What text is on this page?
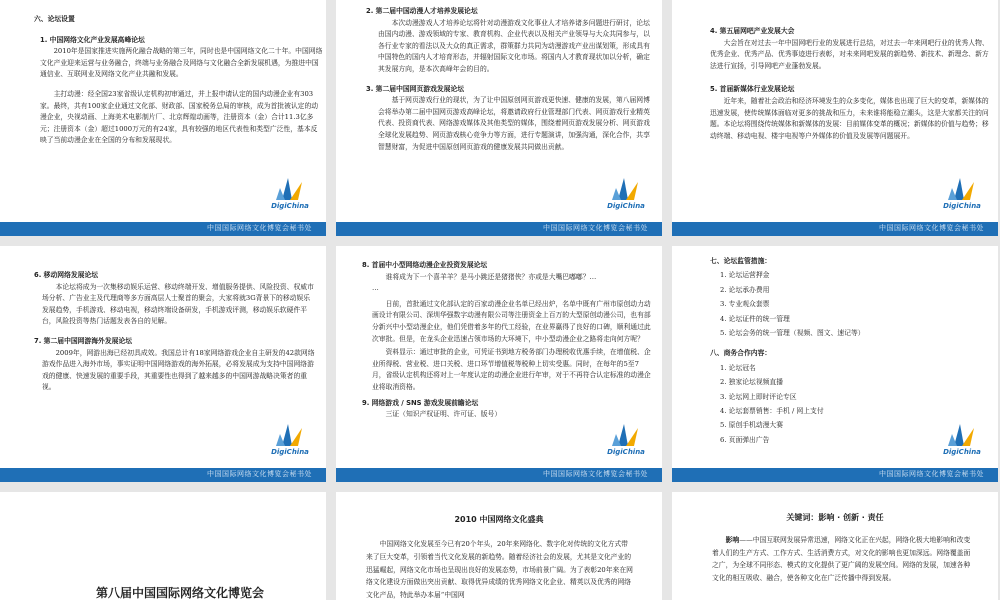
六、论坛设置
1. 中国网络文化产业发展高峰论坛

2010年是国家推进实施两化融合战略的第三年，同时也是中国网络文化二十年。中国网络文化产业迎来运营与业务融合，终端与业务融合及网络与文化融合全新发展机遇，为推进中国通信业、互联网业及网络文化产业共融和发展。

主打动漫：经全国23家省级认定机构初审通过，并上报申请认定的国内动漫企业有303家。最终，共有100家企业通过文化部、财政部、国家税务总局的审核，成为首批被认定的动漫企业，央视动画、上海美术电影制片厂、北京辉煌动画等，注册资本（金）合计11.3亿多元；注册资本（金）超过1000万元的有24家，具有较强的地区代表性和类型广泛性，基本反映了当前动漫企业在全国的分布和发展现状。

DigiChina
中国国际网络文化博览会秘书处
2. 第二届中国动漫人才培养发展论坛

本次动漫游戏人才培养论坛将针对动漫游戏文化事业人才培养诸多问题进行研讨，论坛由国内动漫、游戏领域的专家、教育机构、企业代表以及相关产业领导与大众共同参与，以各行业专家的看法以及大众的真正需求，群策群力共同为动漫游戏产业出谋划策，形成具有中国特色的国内人才培育形态，并辐射国际文化市场。将国内人才教育现状加以分析，确定其发展方向，是本次高峰年会的目的。

3. 第二届中国网页游戏发展论坛

基于网页游戏行业的现状，为了让中国原创网页游戏更快速、健康的发展，第八届网博会将举办第二届中国网页游戏高峰论坛，将邀请政府行业管理部门代表、网页游戏行业精英代表、投资商代表、网络游戏媒体及其他类型的媒体，围绕着网页游戏发展分析、网页游戏全球化发展趋势、网页游戏核心竞争力等方面，进行专题演讲，加强沟通，深化合作，共享智慧财富，为促进中国原创网页游戏的健康发展共同做出贡献。

DigiChina
中国国际网络文化博览会秘书处
4. 第五届网吧产业发展大会

大会旨在对过去一年中国网吧行业的发展进行总结，对过去一年来网吧行业的优秀人物、优秀企业、优秀产品、优秀事迹进行表彰，对未来网吧发展的新趋势、新技术、新理念、新方法进行宣扬，引导网吧产业蓬勃发展。

5. 首届新媒体行业发展论坛

近年来，随着社会政治和经济环境发生的众多变化，媒体也出现了巨大的变革，新媒体的迅速发展，使传统媒体面临对更多的挑战和压力，未来谁将能稳立潮头，这是大家都关注的问题。本论坛将围绕传统媒体和新媒体的发展：目前媒体变革的概况；新媒体的价值与趋势；移动终端、移动电视、楼宇电视等户外媒体的价值及发展等问题展开。

DigiChina
中国国际网络文化博览会秘书处
6. 移动网络发展论坛

本论坛将成为一次集移动娱乐运营、移动终端开发、增值服务提供、风险投资、权威市场分析、广告业主及代理商等多方面高层人士聚首的聚会，大家将就3G背景下的移动娱乐发展趋势，手机游戏、移动电视，移动终端设备研发，手机游戏评测，移动娱乐软硬件平台，风险投资等热门话题发表各自的见解。

7. 第二届中国网游海外发展论坛

2009年，网游出海已经初具成效。我国总计有18家网络游戏企业自主研发的42款网络游戏作品进入海外市场，事实证明中国网络游戏的海外拓展，必将发展成为支持中国网络游戏的健康、快速发展的重要手段，其重要性也得到了越来越多的中国网游战略决策者的重视。

DigiChina
中国国际网络文化博览会秘书处
8. 首届中小型网络动漫企业投资发展论坛

谁将成为下一个喜羊羊？是马小跳还是猪猪侠？亦或是大嘴巴嘟嘟？…

…

日前，首批通过文化部认定的百家动漫企业名单已经出炉，名单中既有广州市原创动力动画设计有限公司、深圳华强数字动漫有限公司等注册资金上百万的大型原创动漫公司，也有部分新兴中小型动漫企业，他们凭借着多年的代工经验，在业界赢得了良好的口碑，顺利通过此次审批。但是，在龙头企业迅速占领市场的大环境下，中小型动漫企业之路将走向何方呢？

资料显示：通过审批的企业，可凭证书到地方税务部门办理税收优惠手续，在增值税、企业所得税、营业税、进口关税、进口环节增值税等税种上切实受惠。同时，在每年的5至7月，省级认定机构还将对上一年度认定的动漫企业进行年审，对于不再符合认定标准的动漫企业将取消资格。

9. 网络游戏 / SNS 游戏发展前瞻论坛

三证（知识产权证明、许可证、版号）

DigiChina
中国国际网络文化博览会秘书处
七、论坛监管措施：

1. 论坛运营押金

2. 论坛承办费用

3. 专业观众套票

4. 论坛证件的统一管理

5. 论坛会务的统一管理（视频、图文、速记等）

八、商务合作内容：

1. 论坛冠名

2. 独家论坛视频直播

3. 论坛网上即时评论专区

4. 论坛套票销售：手机 / 网上支付

5. 原创手机动漫大赛

6. 页面弹出广告

DigiChina
中国国际网络文化博览会秘书处
第八届中国国际网络文化博览会
2010 中国网络文化盛典

中国网络文化发展至今已有20个年头，20年来网络化、数字化对传统的文化方式带来了巨大变革，引领着当代文化发展的新趋势。随着经济社会的发展，尤其是文化产业的迅猛崛起，网络文化市场也呈现出良好的发展态势，市场前景广阔。为了表彰20年来在网络文化建设方面做出突出贡献、取得优异成绩的优秀网络文化企业、精英以及优秀的网络文化产品，特此举办本届“中国网

关键词：影响 · 创新 · 责任

影响——中国互联网发展异常迅速，网络文化正在兴起，网络化极大地影响和改变着人们的生产方式、工作方式、生活消费方式，对文化的影响也更加深远。网络覆盖面之广，为全球不同形态、模式的文化提供了更广阔的发展空间。网络的发展，加速各种文化的相互吸收、融合，使各种文化在广泛传播中得到发展。
